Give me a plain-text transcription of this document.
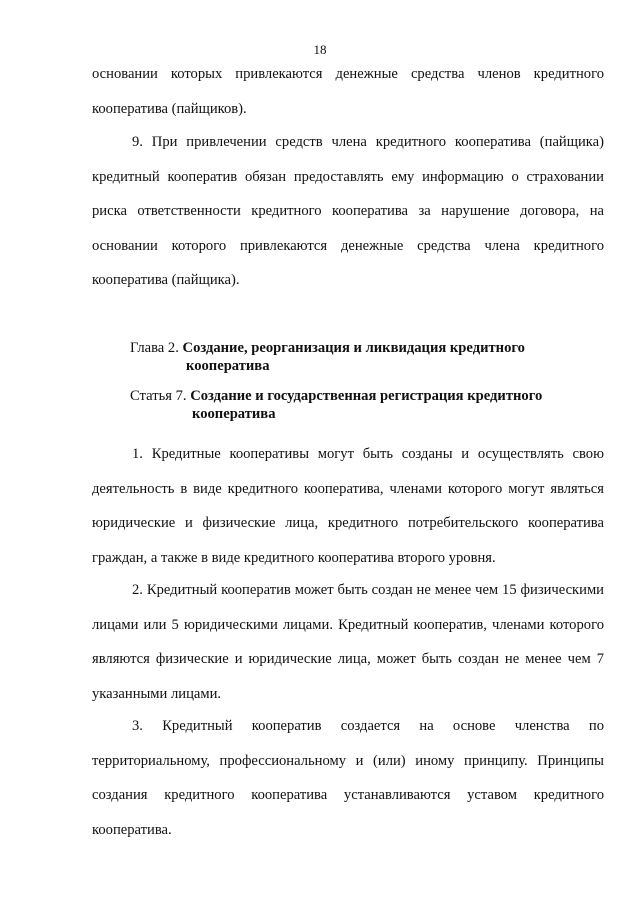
18
основании которых привлекаются денежные средства членов кредитного кооператива (пайщиков).
9. При привлечении средств члена кредитного кооператива (пайщика) кредитный кооператив обязан предоставлять ему информацию о страховании риска ответственности кредитного кооператива за нарушение договора, на основании которого привлекаются денежные средства члена кредитного кооператива (пайщика).
Глава 2. Создание, реорганизация и ликвидация кредитного
кооператива
Статья 7. Создание и государственная регистрация кредитного
кооператива
1. Кредитные кооперативы могут быть созданы и осуществлять свою деятельность в виде кредитного кооператива, членами которого могут являться юридические и физические лица, кредитного потребительского кооператива граждан, а также в виде кредитного кооператива второго уровня.
2. Кредитный кооператив может быть создан не менее чем 15 физическими лицами или 5 юридическими лицами. Кредитный кооператив, членами которого являются физические и юридические лица, может быть создан не менее чем 7 указанными лицами.
3. Кредитный кооператив создается на основе членства по территориальному, профессиональному и (или) иному принципу. Принципы создания кредитного кооператива устанавливаются уставом кредитного кооператива.
